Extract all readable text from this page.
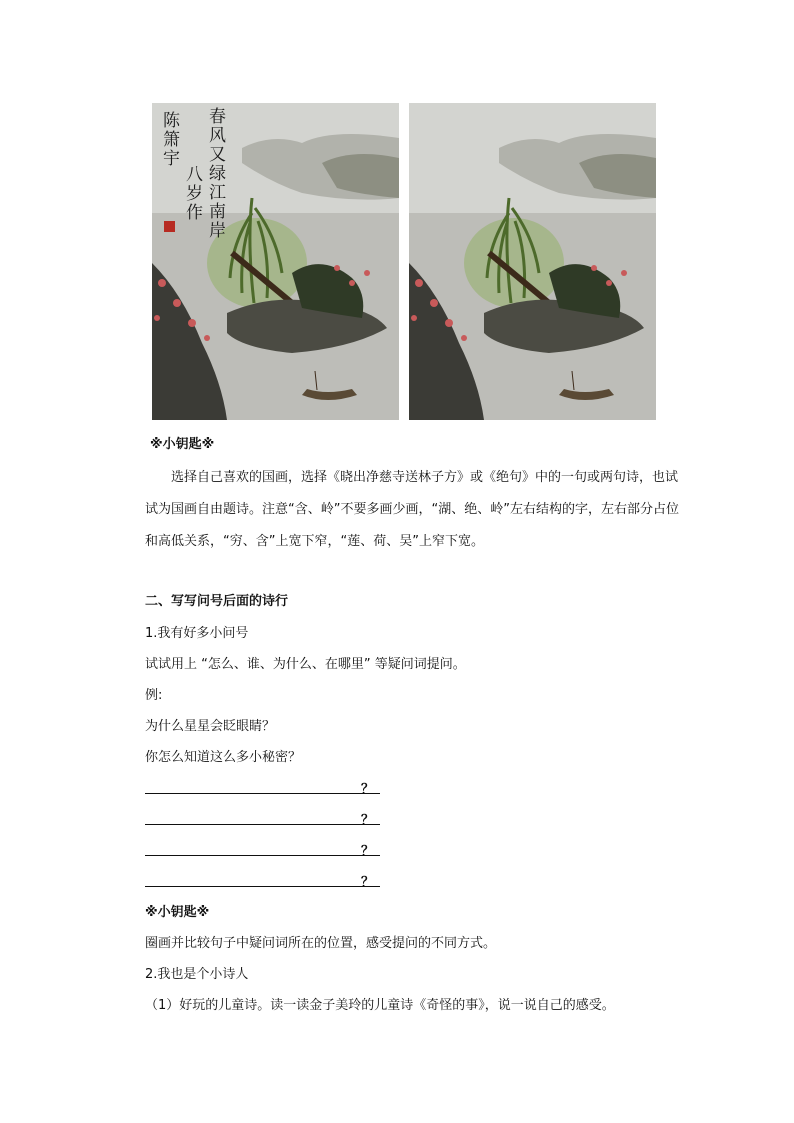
春风又绿江南岸
八岁作
陈箫宇
※小钥匙※
选择自己喜欢的国画，选择《晓出净慈寺送林子方》或《绝句》中的一句或两句诗，也试试为国画自由题诗。注意“含、岭”不要多画少画，“湖、绝、岭”左右结构的字，左右部分占位和高低关系，“穷、含”上宽下窄，“莲、荷、吴”上窄下宽。
二、写写问号后面的诗行
1.我有好多小问号
试试用上 “怎么、谁、为什么、在哪里” 等疑问词提问。
例:
为什么星星会眨眼睛？
你怎么知道这么多小秘密？
？
？
？
？
※小钥匙※
圈画并比较句子中疑问词所在的位置，感受提问的不同方式。
2.我也是个小诗人
（1）好玩的儿童诗。读一读金子美玲的儿童诗《奇怪的事》，说一说自己的感受。
